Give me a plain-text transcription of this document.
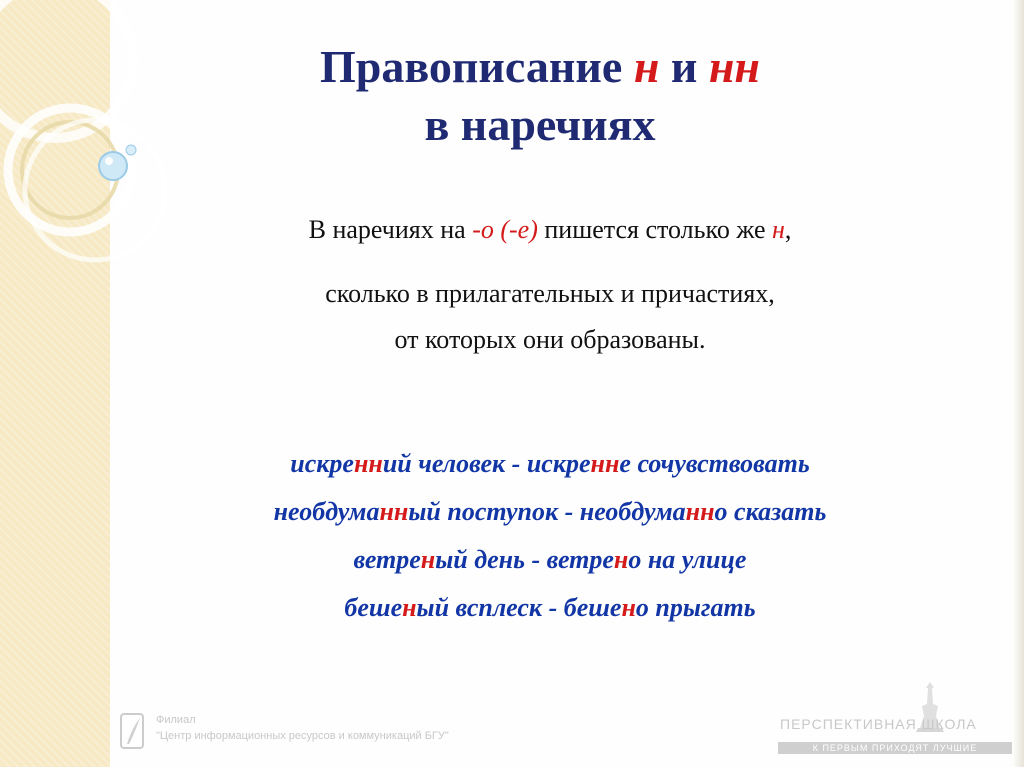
Правописание н и нн
в наречиях
В наречиях на -о (-е) пишется столько же н,
сколько в прилагательных и причастиях,
от которых они образованы.
искренний человек - искренне сочувствовать
необдуманный поступок - необдуманно сказать
ветреный день - ветрено на улице
бешеный всплеск - бешено прыгать
Филиал
"Центр информационных ресурсов и коммуникаций БГУ"
ПЕРСПЕКТИВНАЯ ШКОЛА
К ПЕРВЫМ ПРИХОДЯТ ЛУЧШИЕ
